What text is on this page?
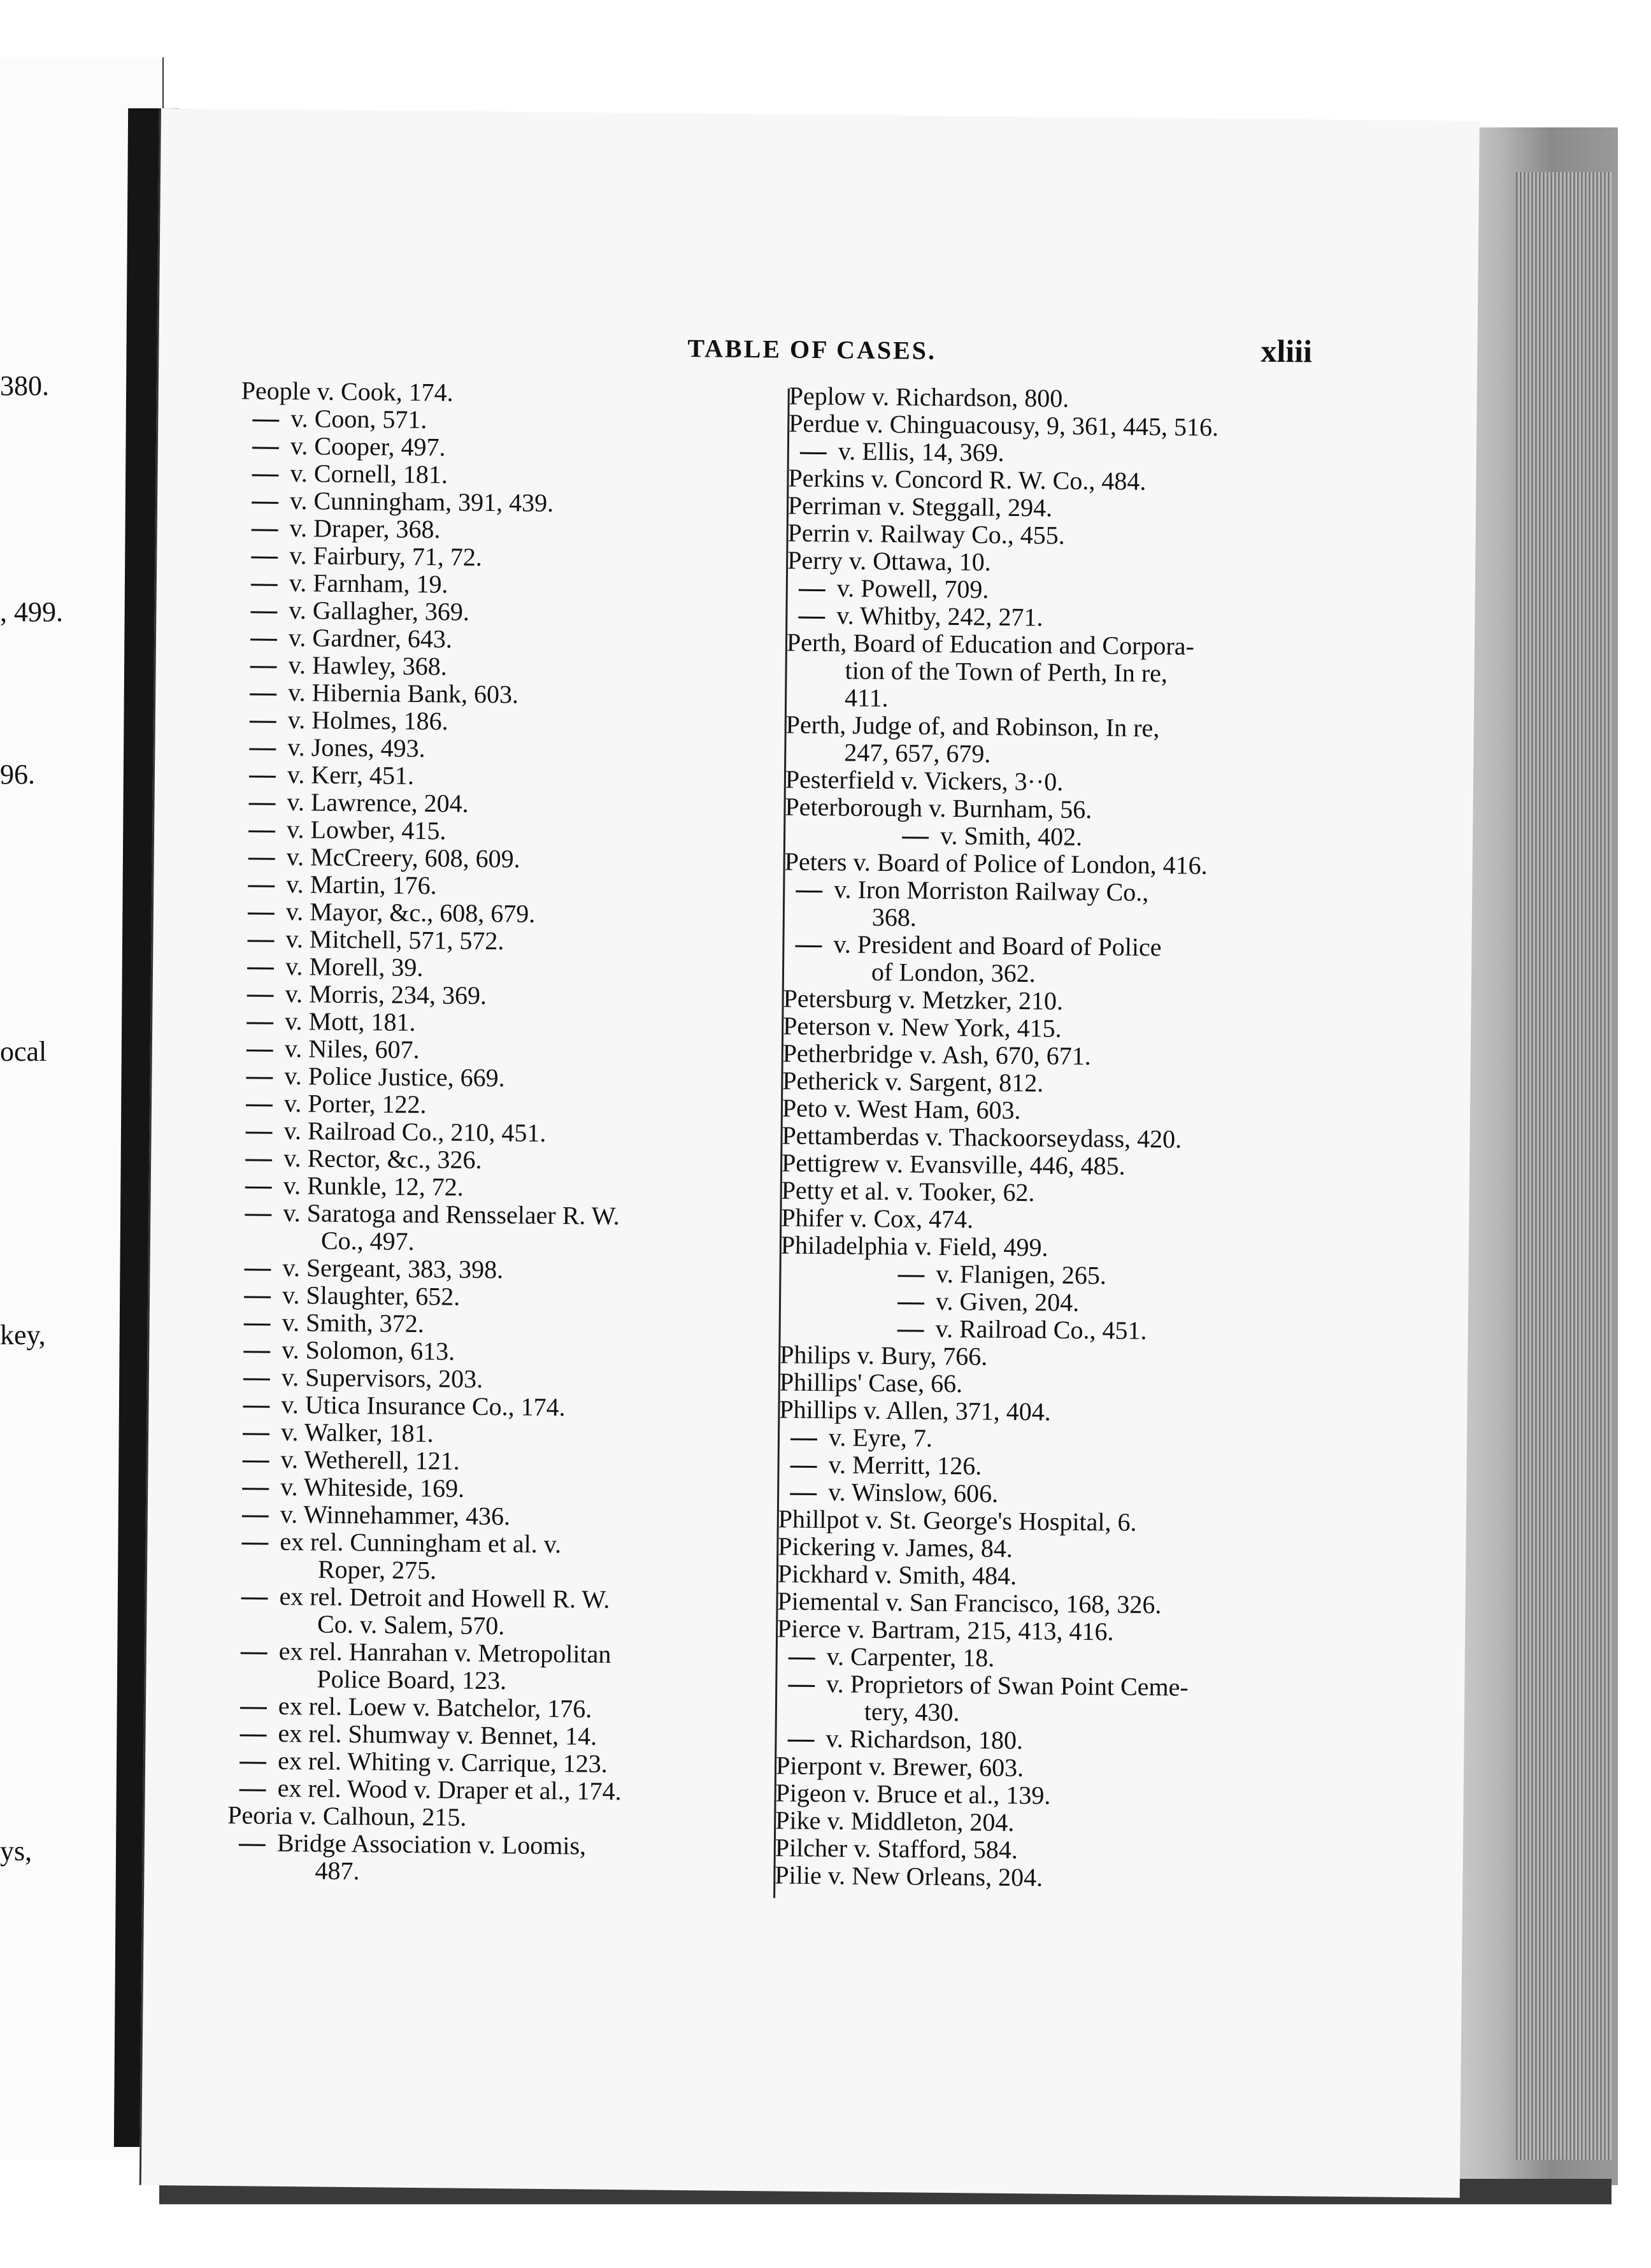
380.
, 499.
96.
ocal
key,
ys,
TABLE OF CASES.	xliii
People v. Cook, 174.
v. Coon, 571.
v. Cooper, 497.
v. Cornell, 181.
v. Cunningham, 391, 439.
v. Draper, 368.
v. Fairbury, 71, 72.
v. Farnham, 19.
v. Gallagher, 369.
v. Gardner, 643.
v. Hawley, 368.
v. Hibernia Bank, 603.
v. Holmes, 186.
v. Jones, 493.
v. Kerr, 451.
v. Lawrence, 204.
v. Lowber, 415.
v. McCreery, 608, 609.
v. Martin, 176.
v. Mayor, &c., 608, 679.
v. Mitchell, 571, 572.
v. Morell, 39.
v. Morris, 234, 369.
v. Mott, 181.
v. Niles, 607.
v. Police Justice, 669.
v. Porter, 122.
v. Railroad Co., 210, 451.
v. Rector, &c., 326.
v. Runkle, 12, 72.
v. Saratoga and Rensselaer R. W.
Co., 497.
v. Sergeant, 383, 398.
v. Slaughter, 652.
v. Smith, 372.
v. Solomon, 613.
v. Supervisors, 203.
v. Utica Insurance Co., 174.
v. Walker, 181.
v. Wetherell, 121.
v. Whiteside, 169.
v. Winnehammer, 436.
ex rel. Cunningham et al. v.
Roper, 275.
ex rel. Detroit and Howell R. W.
Co. v. Salem, 570.
ex rel. Hanrahan v. Metropolitan
Police Board, 123.
ex rel. Loew v. Batchelor, 176.
ex rel. Shumway v. Bennet, 14.
ex rel. Whiting v. Carrique, 123.
ex rel. Wood v. Draper et al., 174.
Peoria v. Calhoun, 215.
Bridge Association v. Loomis,
487.
Peplow v. Richardson, 800.
Perdue v. Chinguacousy, 9, 361, 445, 516.
v. Ellis, 14, 369.
Perkins v. Concord R. W. Co., 484.
Perriman v. Steggall, 294.
Perrin v. Railway Co., 455.
Perry v. Ottawa, 10.
v. Powell, 709.
v. Whitby, 242, 271.
Perth, Board of Education and Corpora-
tion of the Town of Perth, In re,
411.
Perth, Judge of, and Robinson, In re,
247, 657, 679.
Pesterfield v. Vickers, 3··0.
Peterborough v. Burnham, 56.
v. Smith, 402.
Peters v. Board of Police of London, 416.
v. Iron Morriston Railway Co.,
368.
v. President and Board of Police
of London, 362.
Petersburg v. Metzker, 210.
Peterson v. New York, 415.
Petherbridge v. Ash, 670, 671.
Petherick v. Sargent, 812.
Peto v. West Ham, 603.
Pettamberdas v. Thackoorseydass, 420.
Pettigrew v. Evansville, 446, 485.
Petty et al. v. Tooker, 62.
Phifer v. Cox, 474.
Philadelphia v. Field, 499.
v. Flanigen, 265.
v. Given, 204.
v. Railroad Co., 451.
Philips v. Bury, 766.
Phillips' Case, 66.
Phillips v. Allen, 371, 404.
v. Eyre, 7.
v. Merritt, 126.
v. Winslow, 606.
Phillpot v. St. George's Hospital, 6.
Pickering v. James, 84.
Pickhard v. Smith, 484.
Piemental v. San Francisco, 168, 326.
Pierce v. Bartram, 215, 413, 416.
v. Carpenter, 18.
v. Proprietors of Swan Point Ceme-
tery, 430.
v. Richardson, 180.
Pierpont v. Brewer, 603.
Pigeon v. Bruce et al., 139.
Pike v. Middleton, 204.
Pilcher v. Stafford, 584.
Pilie v. New Orleans, 204.
